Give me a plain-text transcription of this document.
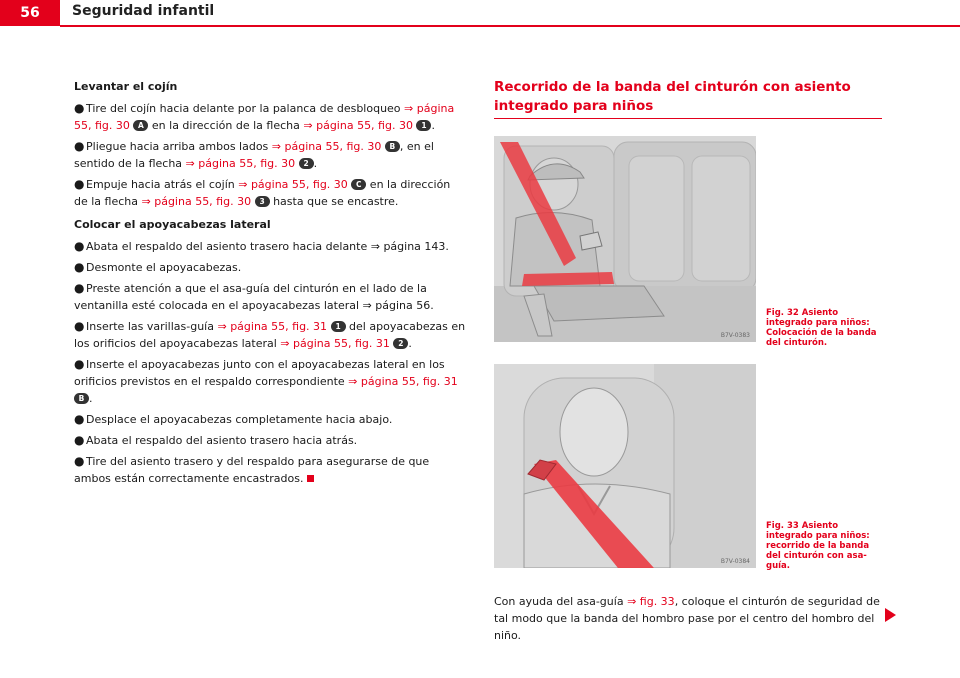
56	Seguridad infantil
Levantar el cojín

● Tire del cojín hacia delante por la palanca de desbloqueo ⇒ página 55, fig. 30 A en la dirección de la flecha ⇒ página 55, fig. 30 1 .

● Pliegue hacia arriba ambos lados ⇒ página 55, fig. 30 B , en el sentido de la flecha ⇒ página 55, fig. 30 2 .

● Empuje hacia atrás el cojín ⇒ página 55, fig. 30 C en la dirección de la flecha ⇒ página 55, fig. 30 3 hasta que se encastre.

Colocar el apoyacabezas lateral

● Abata el respaldo del asiento trasero hacia delante ⇒ página 143.

● Desmonte el apoyacabezas.

● Preste atención a que el asa-guía del cinturón en el lado de la ventanilla esté colocada en el apoyacabezas lateral ⇒ página 56.

● Inserte las varillas-guía ⇒ página 55, fig. 31 1 del apoyacabezas en los orificios del apoyacabezas lateral ⇒ página 55, fig. 31 2 .

● Inserte el apoyacabezas junto con el apoyacabezas lateral en los orificios previstos en el respaldo correspondiente ⇒ página 55, fig. 31 B .

● Desplace el apoyacabezas completamente hacia abajo.

● Abata el respaldo del asiento trasero hacia atrás.

● Tire del asiento trasero y del respaldo para asegurarse de que ambos están correctamente encastrados.

Recorrido de la banda del cinturón con asiento integrado para niños
B7V-0383
Fig. 32 Asiento integrado para niños: Colocación de la banda del cinturón.
B7V-0384
Fig. 33 Asiento integrado para niños: recorrido de la banda del cinturón con asa-guía.
Con ayuda del asa-guía ⇒ fig. 33, coloque el cinturón de seguridad de tal modo que la banda del hombro pase por el centro del hombro del niño.
